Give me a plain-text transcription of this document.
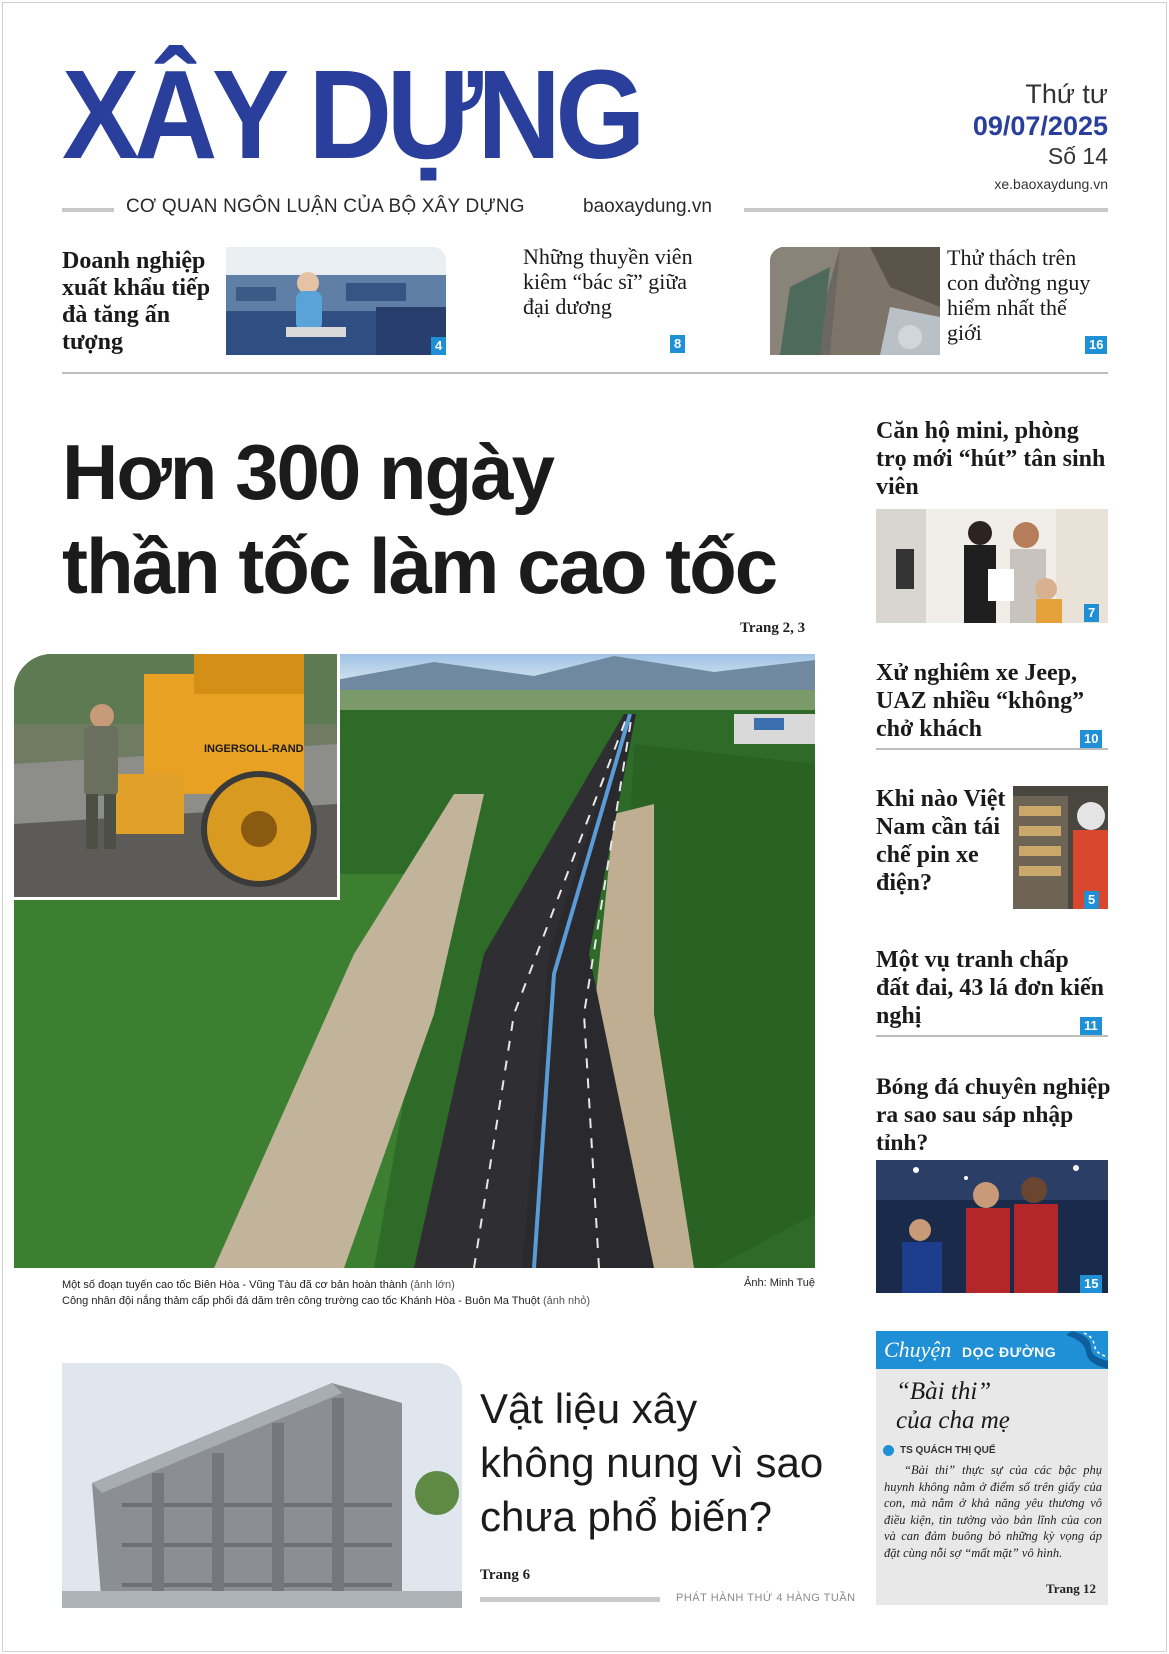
XÂY DỰNG
CƠ QUAN NGÔN LUẬN CỦA BỘ XÂY DỰNG	baoxaydung.vn
Thứ tư
09/07/2025
Số 14
xe.baoxaydung.vn
Doanh nghiệp xuất khẩu tiếp đà tăng ấn tượng	4
Những thuyền viên kiêm “bác sĩ” giữa đại dương
8
Thử thách trên con đường nguy hiểm nhất thế giới	16
Hơn 300 ngày
thần tốc làm cao tốc
Trang 2, 3
INGERSOLL-RAND
Một số đoạn tuyến cao tốc Biên Hòa - Vũng Tàu đã cơ bản hoàn thành (ảnh lớn)
Công nhân đội nắng thảm cấp phối đá dăm trên công trường cao tốc Khánh Hòa - Buôn Ma Thuột (ảnh nhỏ)
Ảnh: Minh Tuệ
Căn hộ mini, phòng trọ mới “hút” tân sinh viên
7
Xử nghiêm xe Jeep, UAZ nhiều “không” chở khách	10
Khi nào Việt Nam cần tái chế pin xe điện?
5
Một vụ tranh chấp đất đai, 43 lá đơn kiến nghị	11
Bóng đá chuyên nghiệp ra sao sau sáp nhập tỉnh?
15
Vật liệu xây
không nung vì sao
chưa phổ biến?
Trang 6
PHÁT HÀNH THỨ 4 HÀNG TUẦN
Chuyện DỌC ĐƯỜNG
“Bài thi”
của cha mẹ
TS QUÁCH THỊ QUẾ
“Bài thi” thực sự của các bậc phụ huynh không nằm ở điểm số trên giấy của con, mà nằm ở khả năng yêu thương vô điều kiện, tin tưởng vào bản lĩnh của con và can đảm buông bỏ những kỳ vọng áp đặt cùng nỗi sợ “mất mặt” vô hình.
Trang 12
